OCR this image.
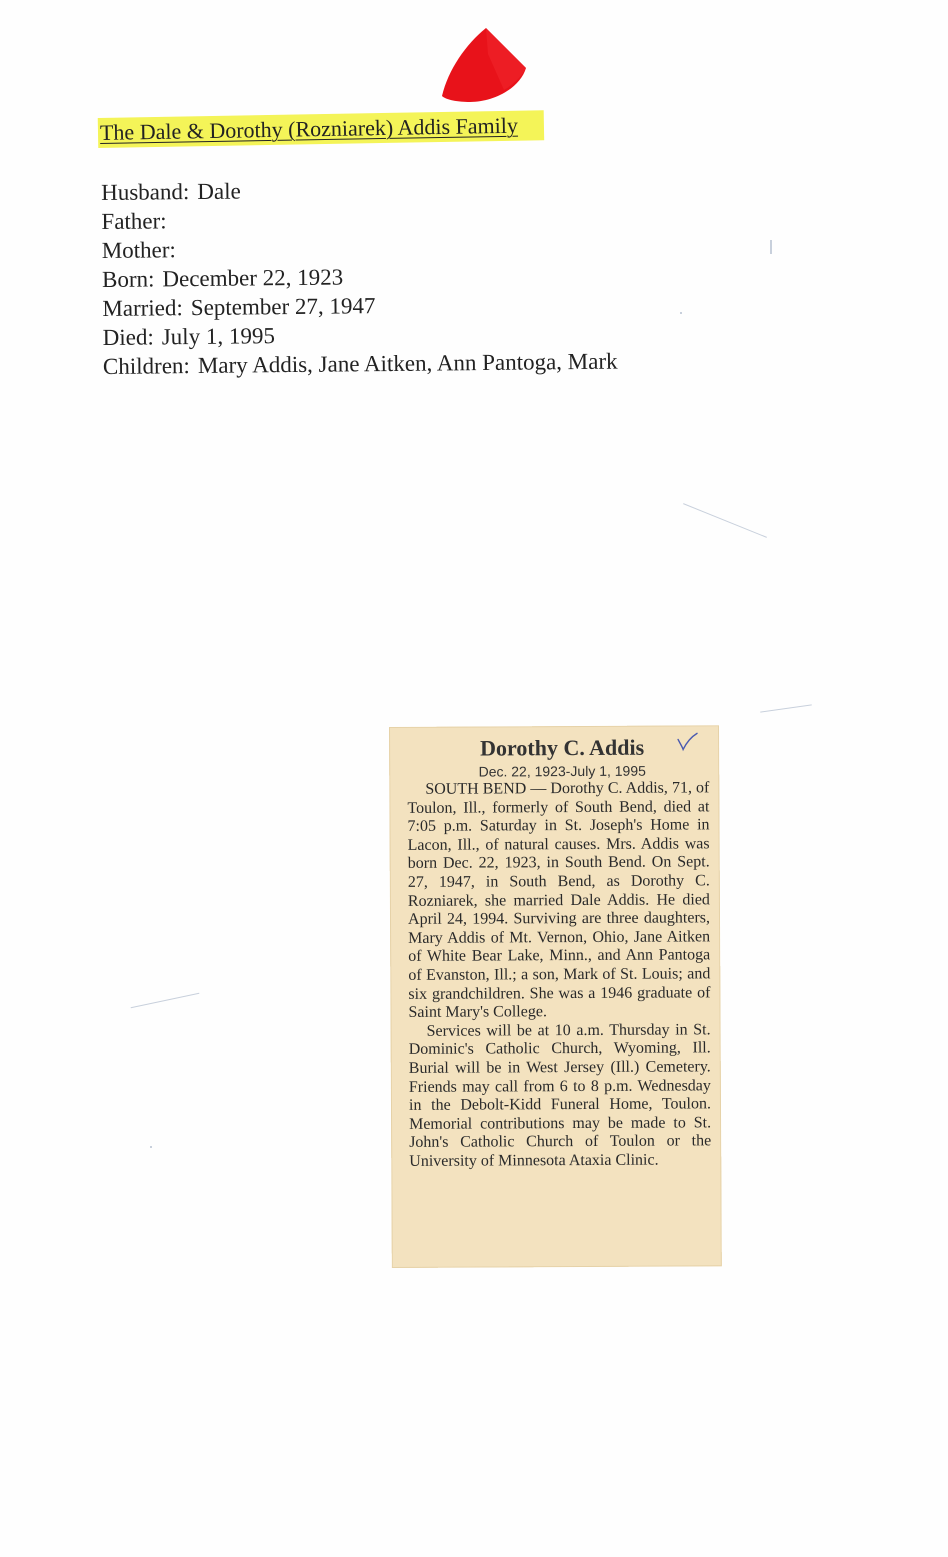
The Dale & Dorothy (Rozniarek) Addis Family
Husband: Dale
Father:
Mother:
Born: December 22, 1923
Married: September 27, 1947
Died: July 1, 1995
Children: Mary Addis, Jane Aitken, Ann Pantoga, Mark
Dorothy C. Addis
Dec. 22, 1923-July 1, 1995

SOUTH BEND — Dorothy C. Addis, 71, of Toulon, Ill., formerly of South Bend, died at 7:05 p.m. Saturday in St. Joseph's Home in Lacon, Ill., of natural causes. Mrs. Addis was born Dec. 22, 1923, in South Bend. On Sept. 27, 1947, in South Bend, as Dorothy C. Rozniarek, she married Dale Addis. He died April 24, 1994. Surviving are three daughters, Mary Addis of Mt. Vernon, Ohio, Jane Aitken of White Bear Lake, Minn., and Ann Pantoga of Evanston, Ill.; a son, Mark of St. Louis; and six grandchildren. She was a 1946 graduate of Saint Mary's College.

Services will be at 10 a.m. Thursday in St. Dominic's Catholic Church, Wyoming, Ill. Burial will be in West Jersey (Ill.) Cemetery. Friends may call from 6 to 8 p.m. Wednesday in the Debolt-Kidd Funeral Home, Toulon. Memorial contributions may be made to St. John's Catholic Church of Toulon or the University of Minnesota Ataxia Clinic.
